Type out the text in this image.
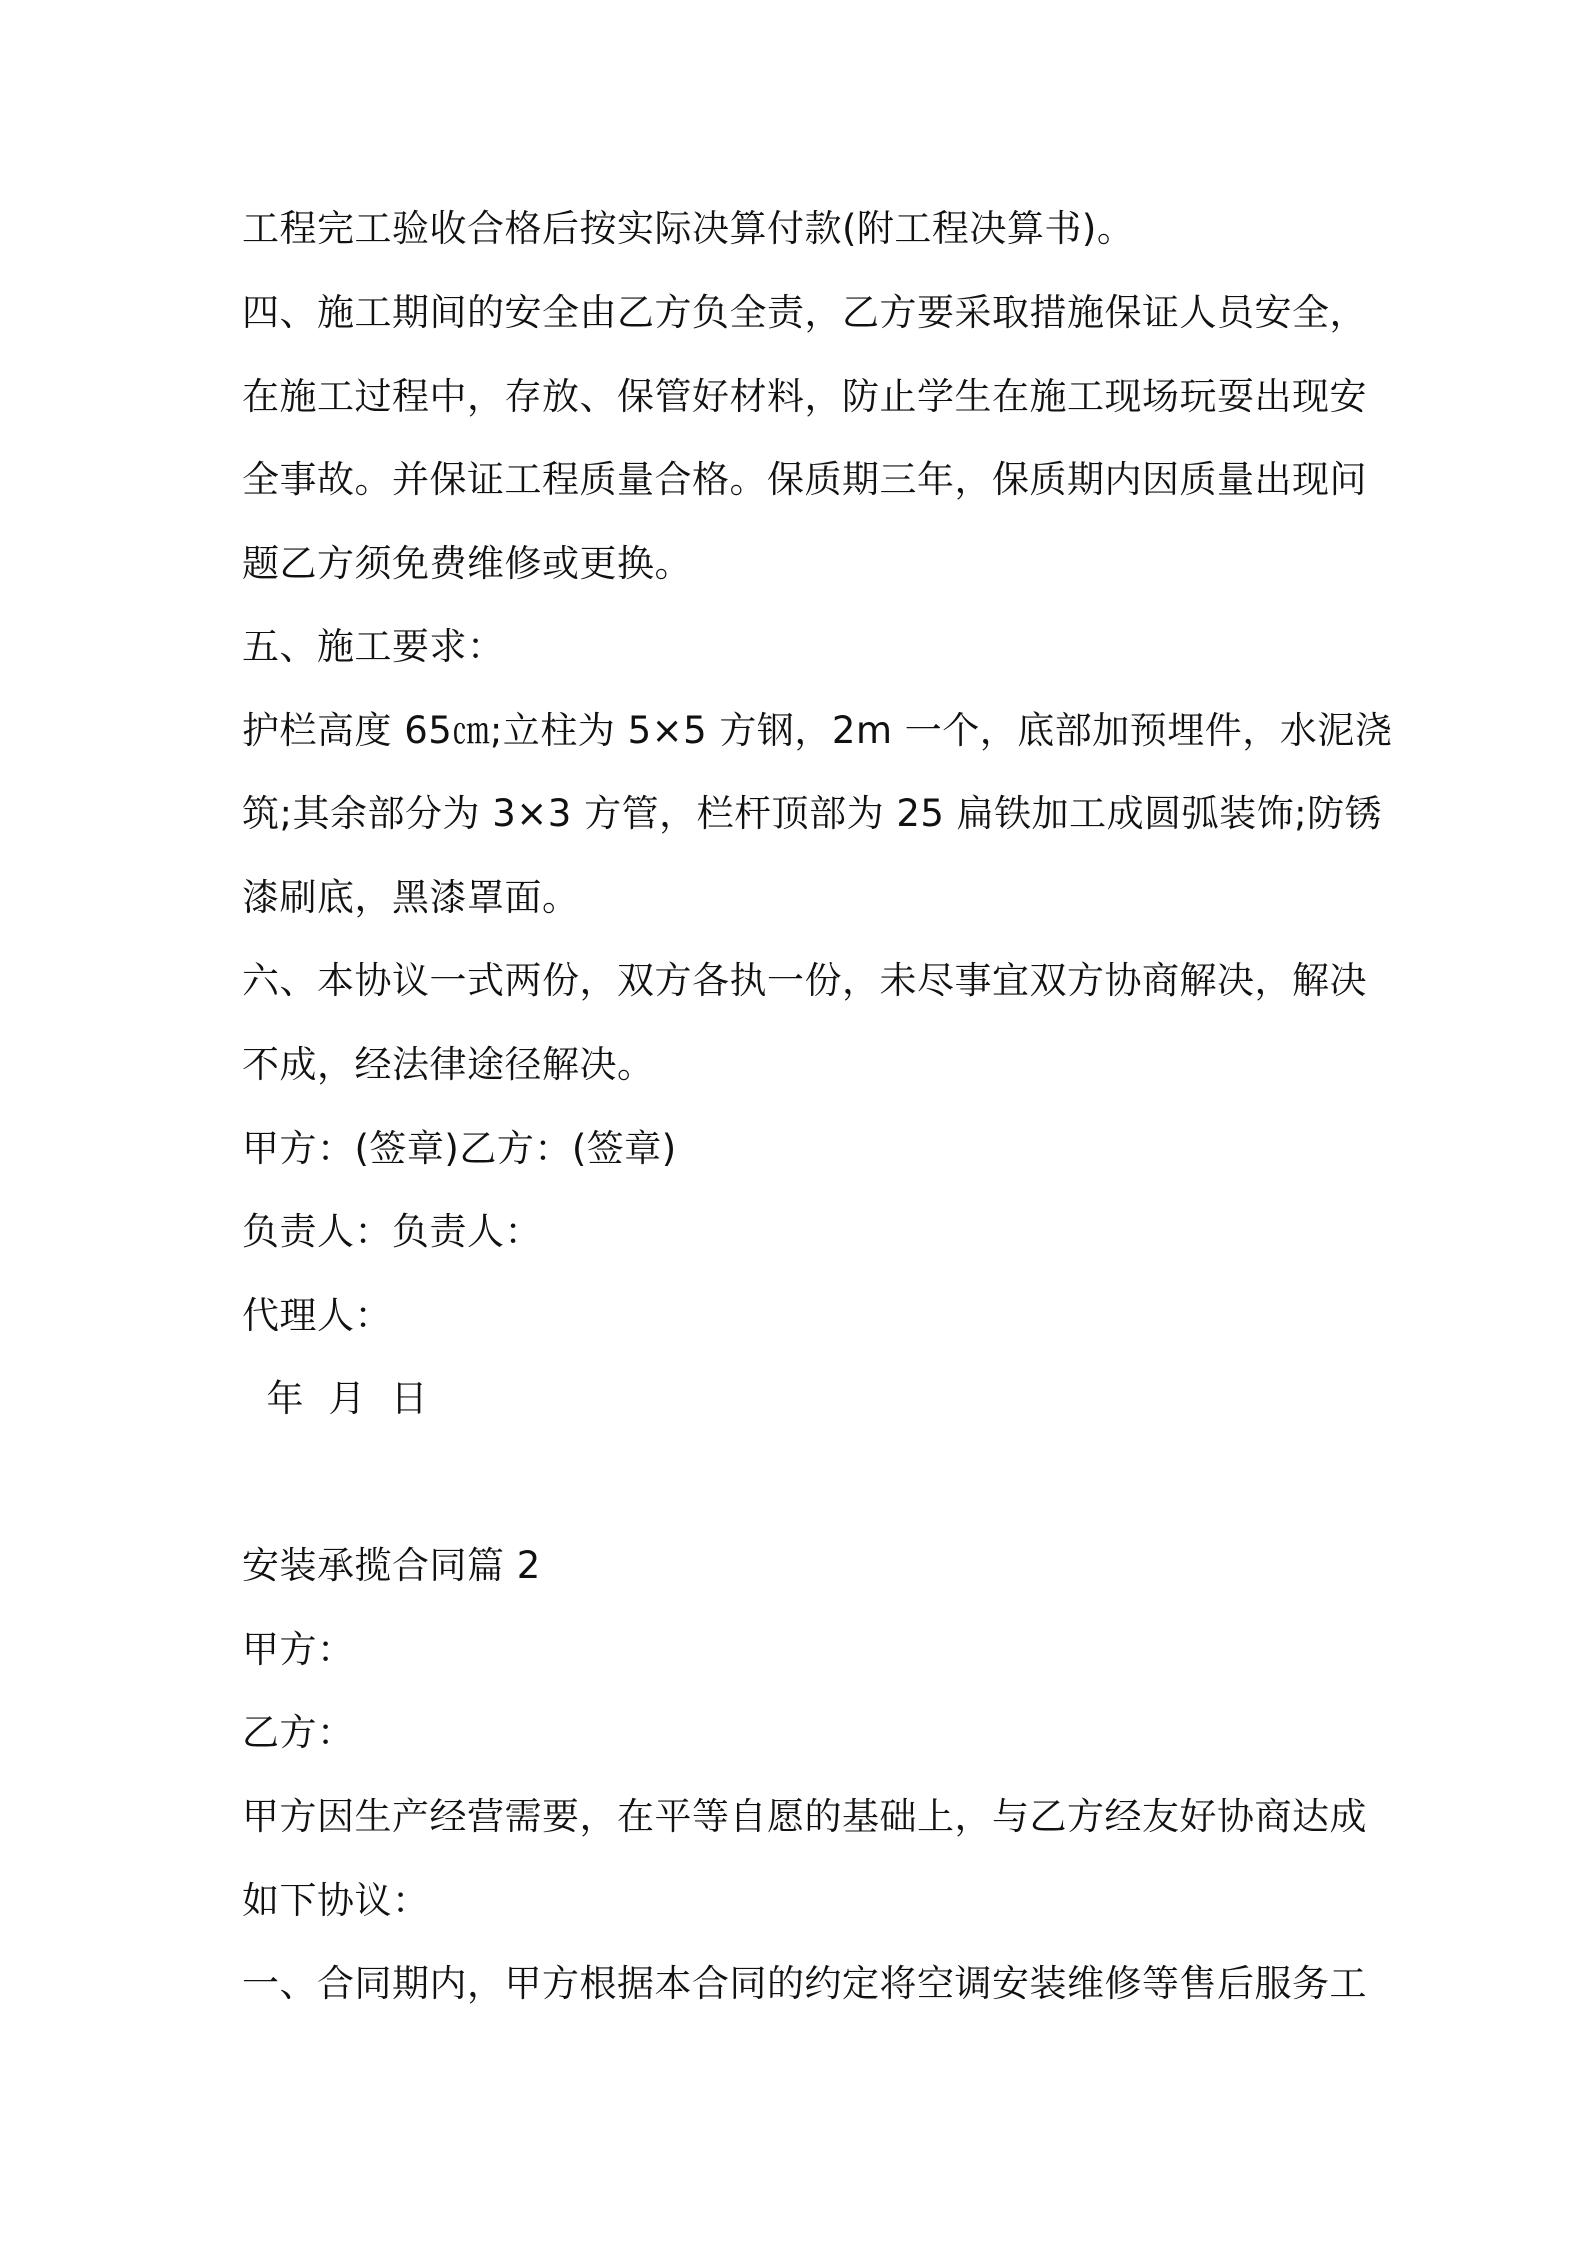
工程完工验收合格后按实际决算付款(附工程决算书)。
四、施工期间的安全由乙方负全责，乙方要采取措施保证人员安全，
在施工过程中，存放、保管好材料，防止学生在施工现场玩耍出现安
全事故。并保证工程质量合格。保质期三年，保质期内因质量出现问
题乙方须免费维修或更换。
五、施工要求：
护栏高度 65㎝;立柱为 5×5 方钢，2m 一个，底部加预埋件，水泥浇
筑;其余部分为 3×3 方管，栏杆顶部为 25 扁铁加工成圆弧装饰;防锈
漆刷底，黑漆罩面。
六、本协议一式两份，双方各执一份，未尽事宜双方协商解决，解决
不成，经法律途径解决。
甲方：(签章)乙方：(签章)
负责人：负责人：
代理人：
年  月  日
安装承揽合同篇 2
甲方：
乙方：
甲方因生产经营需要，在平等自愿的基础上，与乙方经友好协商达成
如下协议：
一、合同期内，甲方根据本合同的约定将空调安装维修等售后服务工
